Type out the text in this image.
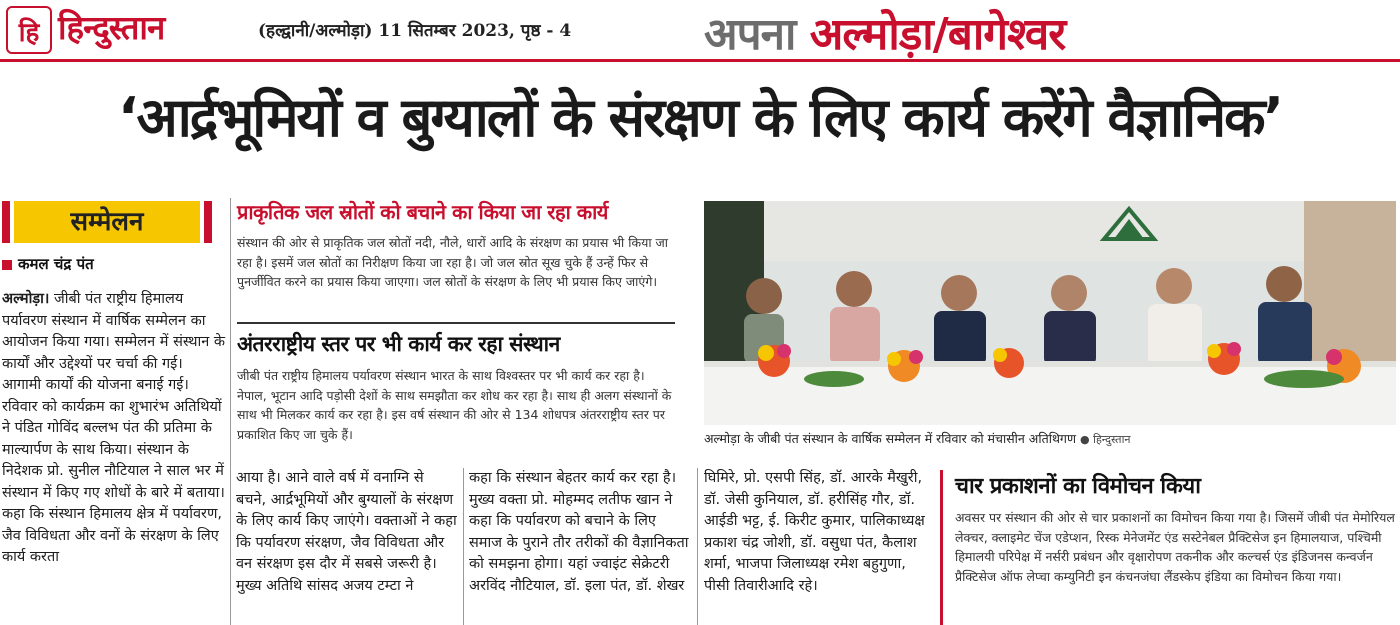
हि हिन्दुस्तान	(हल्द्वानी/अल्मोड़ा) 11 सितम्बर 2023, पृष्ठ - 4	अपना अल्मोड़ा/बागेश्वर
‘आर्द्रभूमियों व बुग्यालों के संरक्षण के लिए कार्य करेंगे वैज्ञानिक’
सम्मेलन
कमल चंद्र पंत
अल्मोड़ा। जीबी पंत राष्ट्रीय हिमालय पर्यावरण संस्थान में वार्षिक सम्मेलन का आयोजन किया गया। सम्मेलन में संस्थान के कार्यों और उद्देश्यों पर चर्चा की गई। आगामी कार्यों की योजना बनाई गई। रविवार को कार्यक्रम का शुभारंभ अतिथियों ने पंडित गोविंद बल्लभ पंत की प्रतिमा के माल्यार्पण के साथ किया। संस्थान के निदेशक प्रो. सुनील नौटियाल ने साल भर में संस्थान में किए गए शोधों के बारे में बताया। कहा कि संस्थान हिमालय क्षेत्र में पर्यावरण, जैव विविधता और वनों के संरक्षण के लिए कार्य करता
प्राकृतिक जल स्रोतों को बचाने का किया जा रहा कार्य
संस्थान की ओर से प्राकृतिक जल स्रोतों नदी, नौले, धारों आदि के संरक्षण का प्रयास भी किया जा रहा है। इसमें जल स्रोतों का निरीक्षण किया जा रहा है। जो जल स्रोत सूख चुके हैं उन्हें फिर से पुनर्जीवित करने का प्रयास किया जाएगा। जल स्रोतों के संरक्षण के लिए भी प्रयास किए जाएंगे।
अंतरराष्ट्रीय स्तर पर भी कार्य कर रहा संस्थान
जीबी पंत राष्ट्रीय हिमालय पर्यावरण संस्थान भारत के साथ विश्वस्तर पर भी कार्य कर रहा है। नेपाल, भूटान आदि पड़ोसी देशों के साथ समझौता कर शोध कर रहा है। साथ ही अलग संस्थानों के साथ भी मिलकर कार्य कर रहा है। इस वर्ष संस्थान की ओर से 134 शोधपत्र अंतरराष्ट्रीय स्तर पर प्रकाशित किए जा चुके हैं।
आया है। आने वाले वर्ष में वनाग्नि से बचने, आर्द्रभूमियों और बुग्यालों के संरक्षण के लिए कार्य किए जाएंगे। वक्ताओं ने कहा कि पर्यावरण संरक्षण, जैव विविधता और वन संरक्षण इस दौर में सबसे जरूरी है। मुख्य अतिथि सांसद अजय टम्टा ने
कहा कि संस्थान बेहतर कार्य कर रहा है। मुख्य वक्ता प्रो. मोहम्मद लतीफ खान ने कहा कि पर्यावरण को बचाने के लिए समाज के पुराने तौर तरीकों की वैज्ञानिकता को समझना होगा। यहां ज्वाइंट सेक्रेटरी अरविंद नौटियाल, डॉ. इला पंत, डॉ. शेखर
घिमिरे, प्रो. एसपी सिंह, डॉ. आरके मैखुरी, डॉ. जेसी कुनियाल, डॉ. हरीसिंह गौर, डॉ. आईडी भट्ट, ई. किरीट कुमार, पालिकाध्यक्ष प्रकाश चंद्र जोशी, डॉ. वसुधा पंत, कैलाश शर्मा, भाजपा जिलाध्यक्ष रमेश बहुगुणा, पीसी तिवारीआदि रहे।
अल्मोड़ा के जीबी पंत संस्थान के वार्षिक सम्मेलन में रविवार को मंचासीन अतिथिगण ● हिन्दुस्तान
चार प्रकाशनों का विमोचन किया
अवसर पर संस्थान की ओर से चार प्रकाशनों का विमोचन किया गया है। जिसमें जीबी पंत मेमोरियल लेक्चर, क्लाइमेट चेंज एडेप्शन, रिस्क मेनेजमेंट एंड सस्टेनेबल प्रैक्टिसेज इन हिमालयाज, पश्चिमी हिमालयी परिपेक्ष में नर्सरी प्रबंधन और वृक्षारोपण तकनीक और कल्चर्स एंड इंडिजनस कन्वर्जन प्रैक्टिसेज ऑफ लेप्चा कम्युनिटी इन कंचनजंघा लैंडस्केप इंडिया का विमोचन किया गया।
